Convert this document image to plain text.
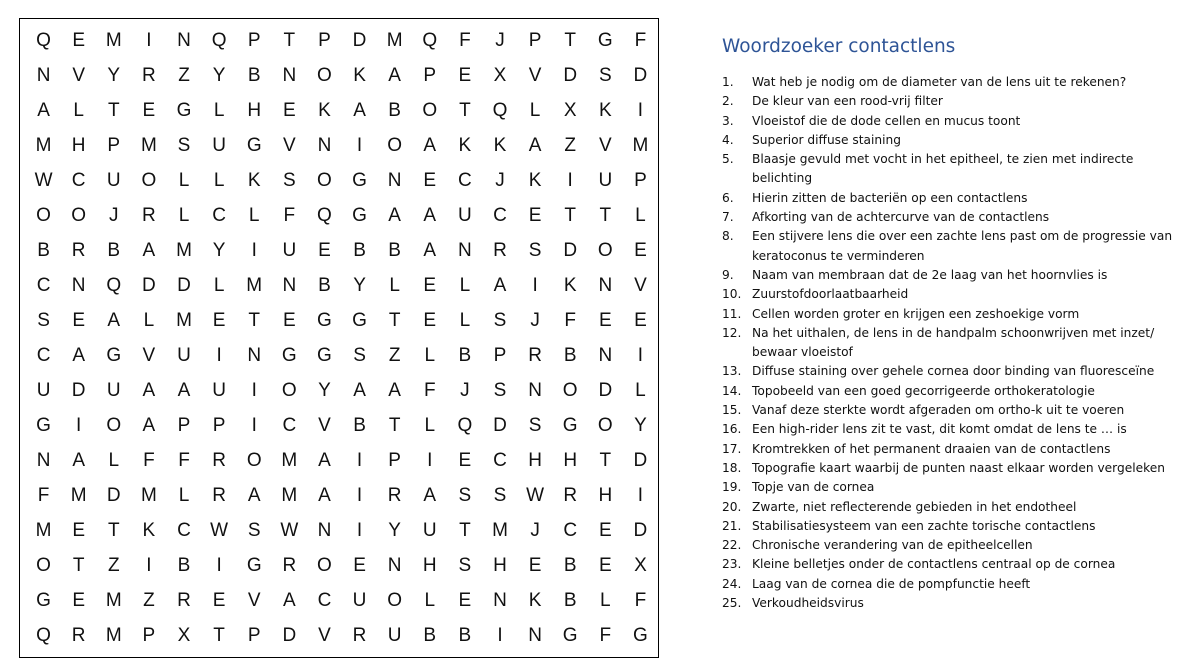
Q	E	M	I	N	Q	P	T	P	D	M	Q	F	J	P	T	G	F
N	V	Y	R	Z	Y	B	N	O	K	A	P	E	X	V	D	S	D
A	L	T	E	G	L	H	E	K	A	B	O	T	Q	L	X	K	I
M	H	P	M	S	U	G	V	N	I	O	A	K	K	A	Z	V	M
W	C	U	O	L	L	K	S	O	G	N	E	C	J	K	I	U	P
O	O	J	R	L	C	L	F	Q	G	A	A	U	C	E	T	T	L
B	R	B	A	M	Y	I	U	E	B	B	A	N	R	S	D	O	E
C	N	Q	D	D	L	M	N	B	Y	L	E	L	A	I	K	N	V
S	E	A	L	M	E	T	E	G	G	T	E	L	S	J	F	E	E
C	A	G	V	U	I	N	G	G	S	Z	L	B	P	R	B	N	I
U	D	U	A	A	U	I	O	Y	A	A	F	J	S	N	O	D	L
G	I	O	A	P	P	I	C	V	B	T	L	Q	D	S	G	O	Y
N	A	L	F	F	R	O	M	A	I	P	I	E	C	H	H	T	D
F	M	D	M	L	R	A	M	A	I	R	A	S	S	W	R	H	I
M	E	T	K	C	W	S	W	N	I	Y	U	T	M	J	C	E	D
O	T	Z	I	B	I	G	R	O	E	N	H	S	H	E	B	E	X
G	E	M	Z	R	E	V	A	C	U	O	L	E	N	K	B	L	F
Q	R	M	P	X	T	P	D	V	R	U	B	B	I	N	G	F	G
Woordzoeker contactlens
1.	Wat heb je nodig om de diameter van de lens uit te rekenen?
2.	De kleur van een rood-vrij filter
3.	Vloeistof die de dode cellen en mucus toont
4.	Superior diffuse staining
5.	Blaasje gevuld met vocht in het epitheel, te zien met indirecte belichting
6.	Hierin zitten de bacteriën op een contactlens
7.	Afkorting van de achtercurve van de contactlens
8.	Een stijvere lens die over een zachte lens past om de progressie van keratoconus te verminderen
9.	Naam van membraan dat de 2e laag van het hoornvlies is
10. Zuurstofdoorlaatbaarheid
11. Cellen worden groter en krijgen een zeshoekige vorm
12. Na het uithalen, de lens in de handpalm schoonwrijven met inzet/ bewaar vloeistof
13. Diffuse staining over gehele cornea door binding van fluoresceïne
14. Topobeeld van een goed gecorrigeerde orthokeratologie
15. Vanaf deze sterkte wordt afgeraden om ortho-k uit te voeren
16. Een high-rider lens zit te vast, dit komt omdat de lens te … is
17. Kromtrekken of het permanent draaien van de contactlens
18. Topografie kaart waarbij de punten naast elkaar worden vergeleken
19. Topje van de cornea
20. Zwarte, niet reflecterende gebieden in het endotheel
21. Stabilisatiesysteem van een zachte torische contactlens
22. Chronische verandering van de epitheelcellen
23. Kleine belletjes onder de contactlens centraal op de cornea
24. Laag van de cornea die de pompfunctie heeft
25. Verkoudheidsvirus
